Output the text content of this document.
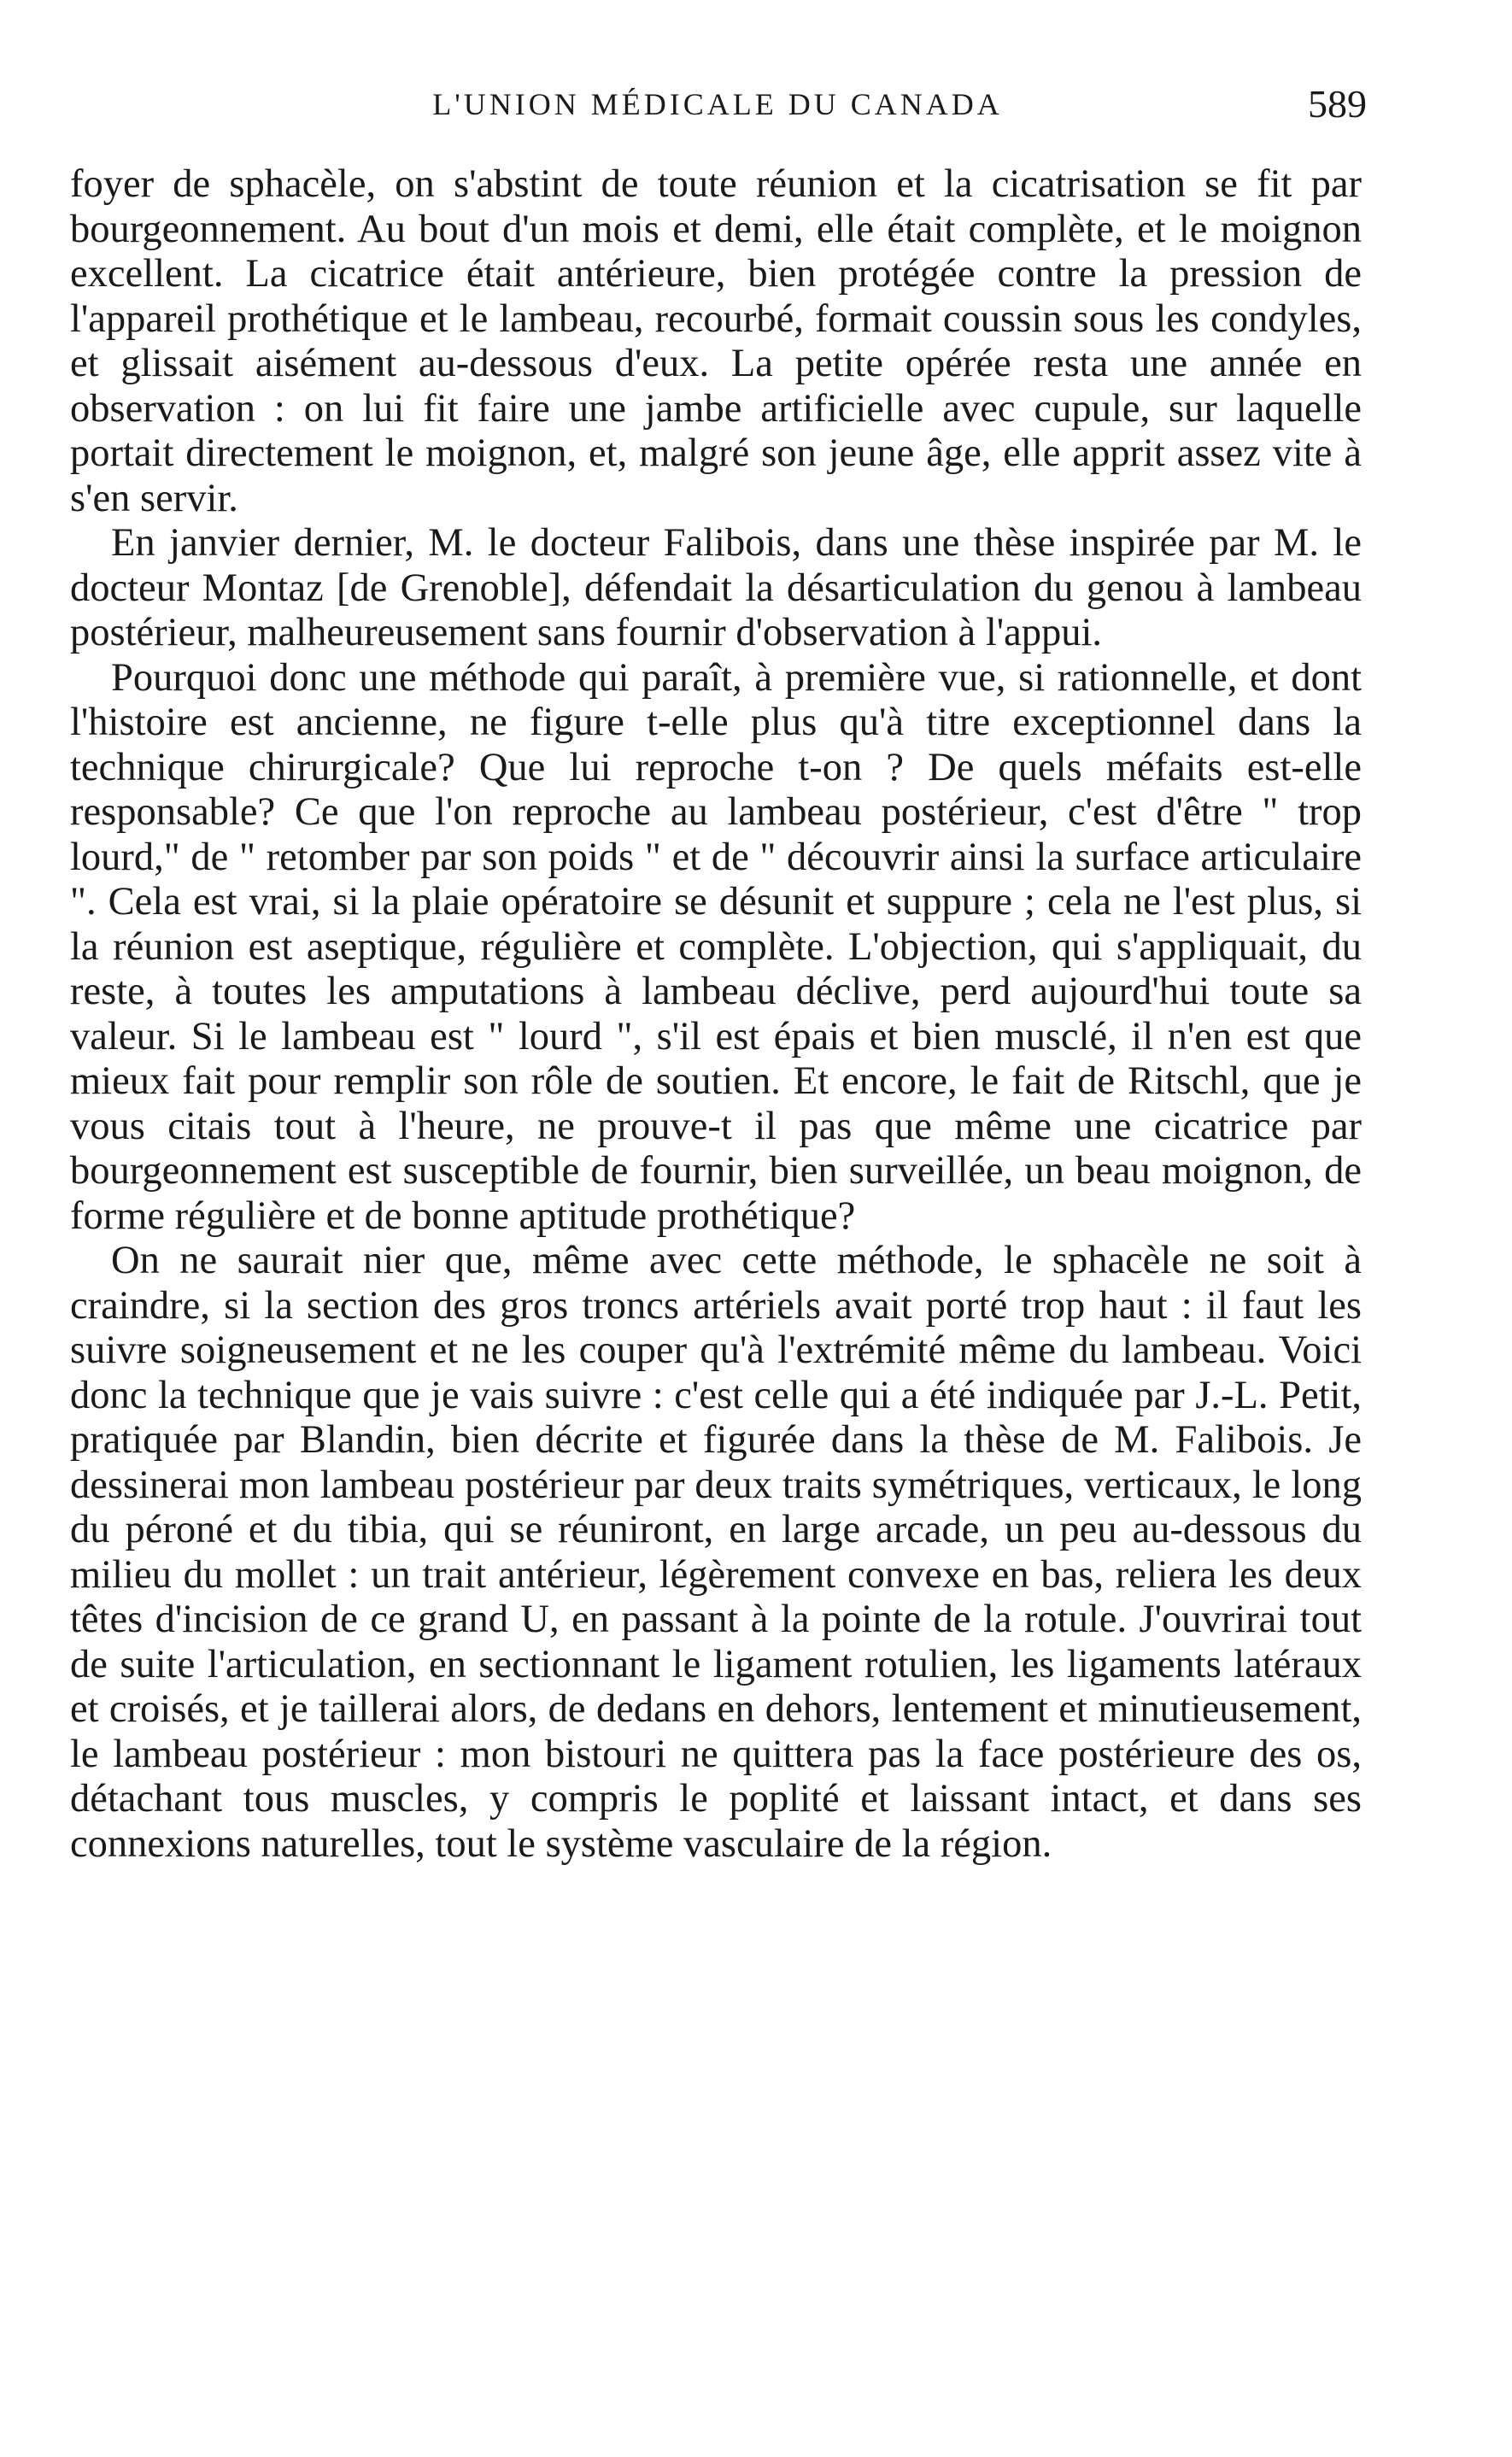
L'UNION MÉDICALE DU CANADA	589

foyer de sphacèle, on s'abstint de toute réunion et la cicatrisation se fit par bourgeonnement. Au bout d'un mois et demi, elle était complète, et le moignon excellent. La cicatrice était antérieure, bien protégée contre la pression de l'appareil prothétique et le lambeau, recourbé, formait coussin sous les condyles, et glissait aisément au-dessous d'eux. La petite opérée resta une année en observation : on lui fit faire une jambe artificielle avec cupule, sur laquelle portait directement le moignon, et, malgré son jeune âge, elle apprit assez vite à s'en servir.

En janvier dernier, M. le docteur Falibois, dans une thèse inspirée par M. le docteur Montaz [de Grenoble], défendait la désarticulation du genou à lambeau postérieur, malheureusement sans fournir d'observation à l'appui.

Pourquoi donc une méthode qui paraît, à première vue, si rationnelle, et dont l'histoire est ancienne, ne figure t-elle plus qu'à titre exceptionnel dans la technique chirurgicale? Que lui reproche t-on ? De quels méfaits est-elle responsable? Ce que l'on reproche au lambeau postérieur, c'est d'être " trop lourd," de " retomber par son poids " et de " découvrir ainsi la surface articulaire ". Cela est vrai, si la plaie opératoire se désunit et suppure ; cela ne l'est plus, si la réunion est aseptique, régulière et complète. L'objection, qui s'appliquait, du reste, à toutes les amputations à lambeau déclive, perd aujourd'hui toute sa valeur. Si le lambeau est " lourd ", s'il est épais et bien musclé, il n'en est que mieux fait pour remplir son rôle de soutien. Et encore, le fait de Ritschl, que je vous citais tout à l'heure, ne prouve-t il pas que même une cicatrice par bourgeonnement est susceptible de fournir, bien surveillée, un beau moignon, de forme régulière et de bonne aptitude prothétique?

On ne saurait nier que, même avec cette méthode, le sphacèle ne soit à craindre, si la section des gros troncs artériels avait porté trop haut : il faut les suivre soigneusement et ne les couper qu'à l'extrémité même du lambeau. Voici donc la technique que je vais suivre : c'est celle qui a été indiquée par J.-L. Petit, pratiquée par Blandin, bien décrite et figurée dans la thèse de M. Falibois. Je dessinerai mon lambeau postérieur par deux traits symétriques, verticaux, le long du péroné et du tibia, qui se réuniront, en large arcade, un peu au-dessous du milieu du mollet : un trait antérieur, légèrement convexe en bas, reliera les deux têtes d'incision de ce grand U, en passant à la pointe de la rotule. J'ouvrirai tout de suite l'articulation, en sectionnant le ligament rotulien, les ligaments latéraux et croisés, et je taillerai alors, de dedans en dehors, lentement et minutieusement, le lambeau postérieur : mon bistouri ne quittera pas la face postérieure des os, détachant tous muscles, y compris le poplité et laissant intact, et dans ses connexions naturelles, tout le système vasculaire de la région.
